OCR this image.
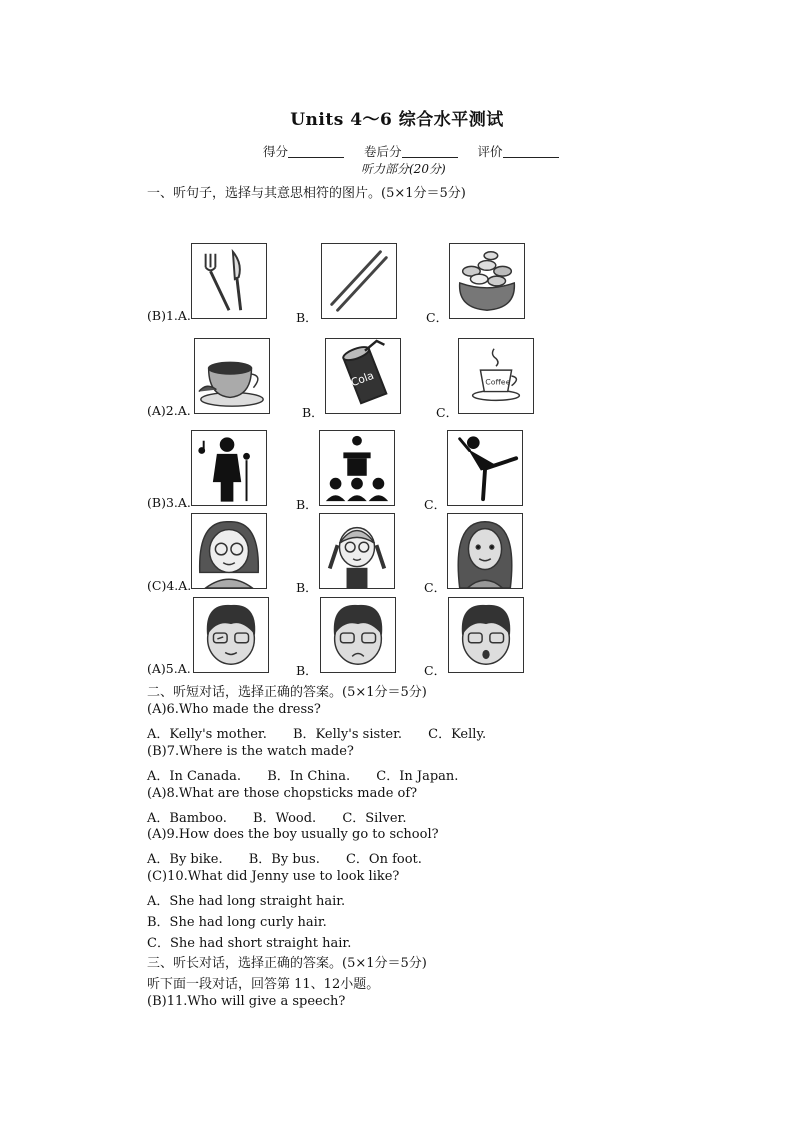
Units 4～6 综合水平测试
得分	卷后分	评价
听力部分(20分)
一、听句子，选择与其意思相符的图片。(5×1分＝5分)
(B)1.A.	B．	C．
(A)2.A.	B．
Cola
C．
Coffee
(B)3.A.	B．	C．
(C)4.A.	B．	C．
(A)5.A.	B．	C．
二、听短对话，选择正确的答案。(5×1分＝5分)
(A)6.Who made the dress?
A．Kelly's mother. B．Kelly's sister. C．Kelly.
(B)7.Where is the watch made?
A．In Canada. B．In China. C．In Japan.
(A)8.What are those chopsticks made of?
A．Bamboo. B．Wood. C．Silver.
(A)9.How does the boy usually go to school?
A．By bike. B．By bus. C．On foot.
(C)10.What did Jenny use to look like?
A．She had long straight hair.
B．She had long curly hair.
C．She had short straight hair.
三、听长对话，选择正确的答案。(5×1分＝5分)
听下面一段对话，回答第 11、12小题。
(B)11.Who will give a speech?
